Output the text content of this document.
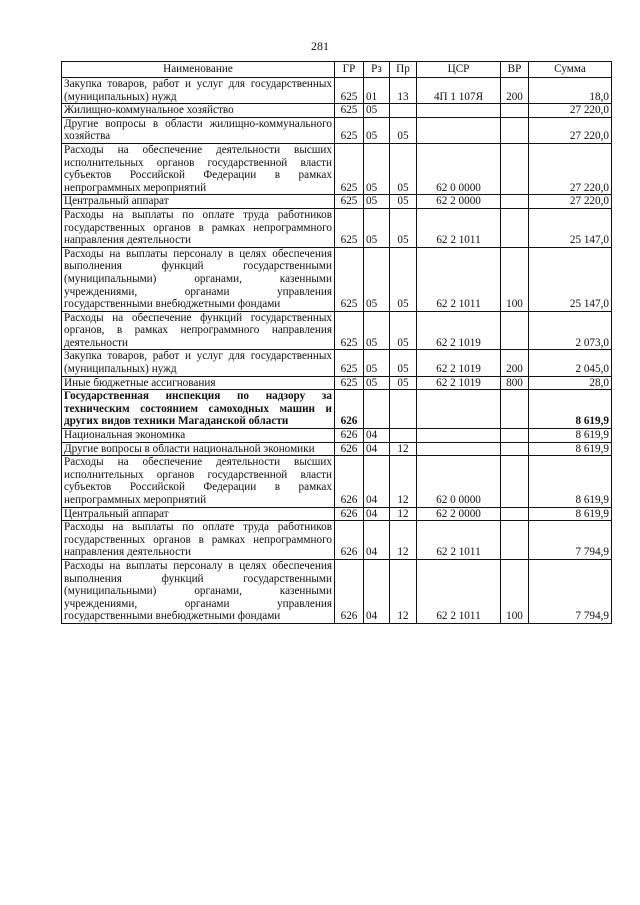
281
Наименование	ГР	Рз	Пр	ЦСР	ВР	Сумма

Закупка товаров, работ и услуг для государственных (муниципальных) нужд	625	01	13	4П 1 107Я	200	18,0

Жилищно-коммунальное хозяйство	625	05				27 220,0

Другие вопросы в области жилищно-коммунального хозяйства	625	05	05			27 220,0

Расходы на обеспечение деятельности высших исполнительных органов государственной власти субъектов Российской Федерации в рамках непрограммных мероприятий	625	05	05	62 0 0000		27 220,0

Центральный аппарат	625	05	05	62 2 0000		27 220,0

Расходы на выплаты по оплате труда работников государственных органов в рамках непрограммного направления деятельности	625	05	05	62 2 1011		25 147,0

Расходы на выплаты персоналу в целях обеспечения выполнения функций государственными (муниципальными) органами, казенными учреждениями, органами управления государственными внебюджетными фондами	625	05	05	62 2 1011	100	25 147,0

Расходы на обеспечение функций государственных органов, в рамках непрограммного направления деятельности	625	05	05	62 2 1019		2 073,0

Закупка товаров, работ и услуг для государственных (муниципальных) нужд	625	05	05	62 2 1019	200	2 045,0

Иные бюджетные ассигнования	625	05	05	62 2 1019	800	28,0

Государственная инспекция по надзору за техническим состоянием самоходных машин и других видов техники Магаданской области	626					8 619,9

Национальная экономика	626	04				8 619,9

Другие вопросы в области национальной экономики	626	04	12			8 619,9

Расходы на обеспечение деятельности высших исполнительных органов государственной власти субъектов Российской Федерации в рамках непрограммных мероприятий	626	04	12	62 0 0000		8 619,9

Центральный аппарат	626	04	12	62 2 0000		8 619,9

Расходы на выплаты по оплате труда работников государственных органов в рамках непрограммного направления деятельности	626	04	12	62 2 1011		7 794,9

Расходы на выплаты персоналу в целях обеспечения выполнения функций государственными (муниципальными) органами, казенными учреждениями, органами управления государственными внебюджетными фондами	626	04	12	62 2 1011	100	7 794,9
